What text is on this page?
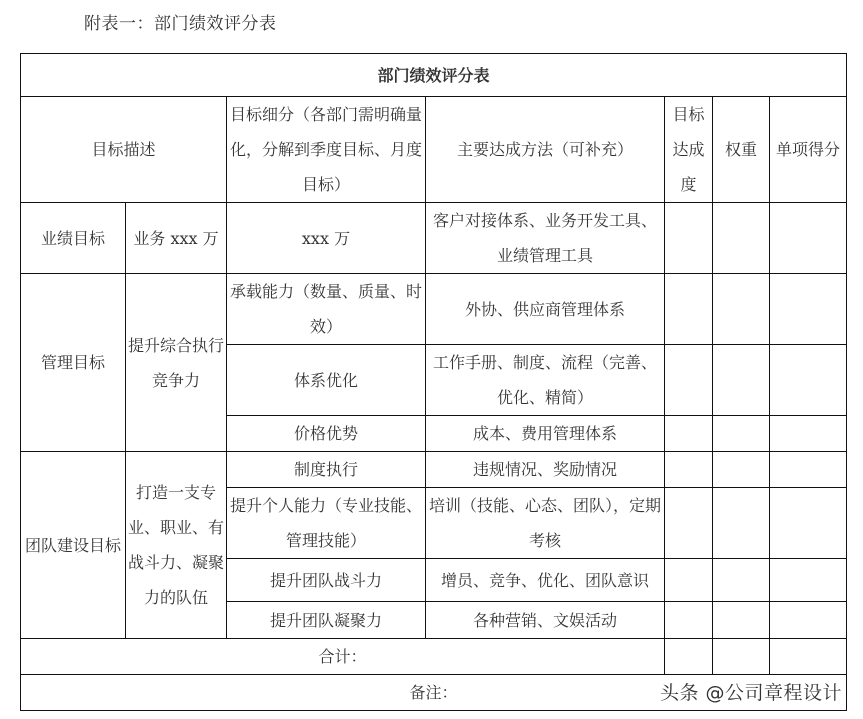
附表一：部门绩效评分表
部门绩效评分表						
目标描述		目标细分（各部门需明确量化，分解到季度目标、月度目标）	主要达成方法（可补充）	目标达成度	权重	单项得分
业绩目标	业务 xxx 万	xxx 万	客户对接体系、业务开发工具、业绩管理工具			
管理目标	提升综合执行竞争力	承载能力（数量、质量、时效）	外协、供应商管理体系			
		体系优化	工作手册、制度、流程（完善、优化、精简）			
		价格优势	成本、费用管理体系			
团队建设目标	打造一支专业、职业、有战斗力、凝聚力的队伍	制度执行	违规情况、奖励情况			
		提升个人能力（专业技能、管理技能）	培训（技能、心态、团队），定期考核			
		提升团队战斗力	增员、竞争、优化、团队意识			
		提升团队凝聚力	各种营销、文娱活动			
合计：						
备注： 头条 @公司章程设计						
